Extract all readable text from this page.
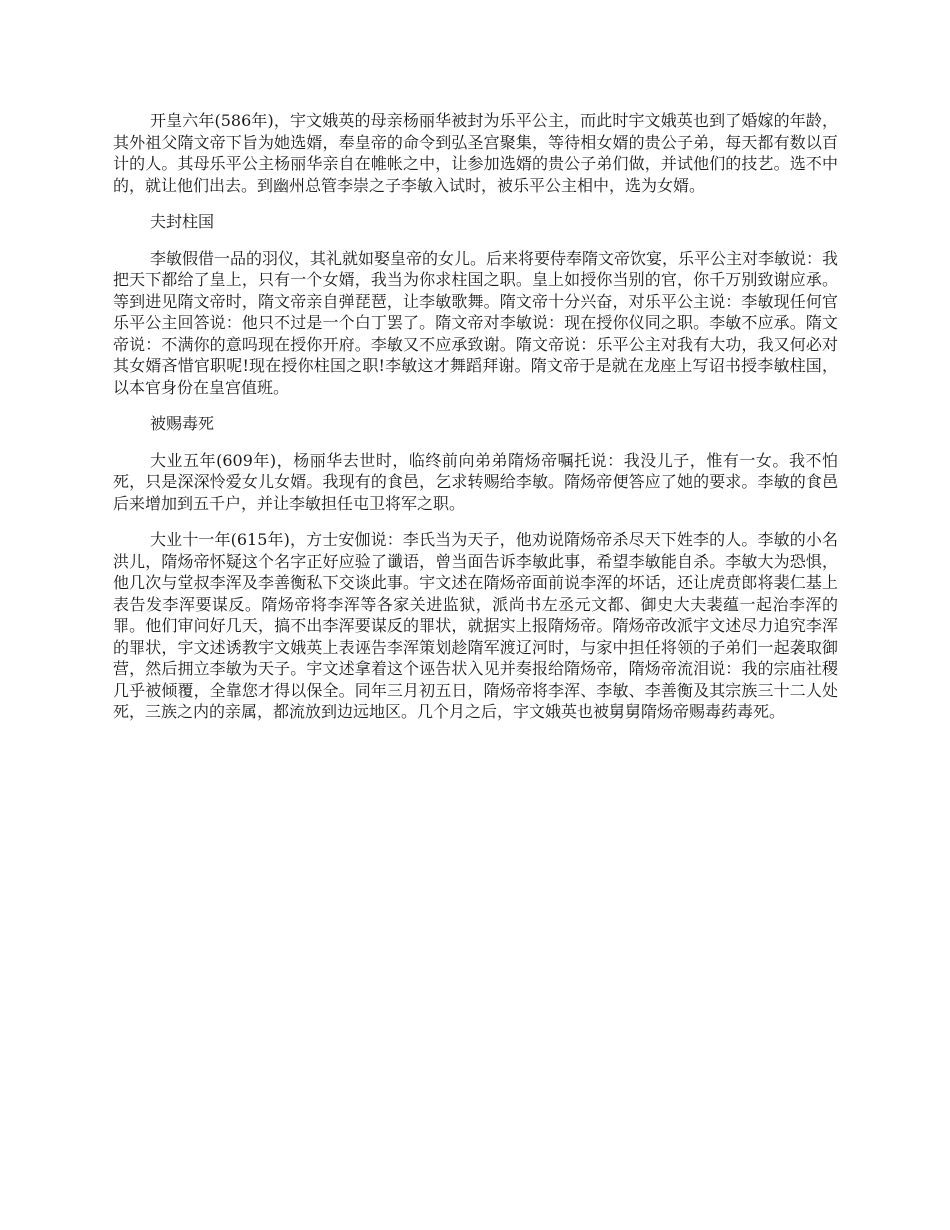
开皇六年(586年)，宇文娥英的母亲杨丽华被封为乐平公主，而此时宇文娥英也到了婚嫁的年龄，其外祖父隋文帝下旨为她选婿，奉皇帝的命令到弘圣宫聚集，等待相女婿的贵公子弟，每天都有数以百计的人。其母乐平公主杨丽华亲自在帷帐之中，让参加选婿的贵公子弟们做，并试他们的技艺。选不中的，就让他们出去。到幽州总管李崇之子李敏入试时，被乐平公主相中，选为女婿。

夫封柱国

李敏假借一品的羽仪，其礼就如娶皇帝的女儿。后来将要侍奉隋文帝饮宴，乐平公主对李敏说：我把天下都给了皇上，只有一个女婿，我当为你求柱国之职。皇上如授你当别的官，你千万别致谢应承。等到进见隋文帝时，隋文帝亲自弹琵琶，让李敏歌舞。隋文帝十分兴奋，对乐平公主说：李敏现任何官乐平公主回答说：他只不过是一个白丁罢了。隋文帝对李敏说：现在授你仪同之职。李敏不应承。隋文帝说：不满你的意吗现在授你开府。李敏又不应承致谢。隋文帝说：乐平公主对我有大功，我又何必对其女婿吝惜官职呢!现在授你柱国之职!李敏这才舞蹈拜谢。隋文帝于是就在龙座上写诏书授李敏柱国，以本官身份在皇宫值班。

被赐毒死

大业五年(609年)，杨丽华去世时，临终前向弟弟隋炀帝嘱托说：我没儿子，惟有一女。我不怕死，只是深深怜爱女儿女婿。我现有的食邑，乞求转赐给李敏。隋炀帝便答应了她的要求。李敏的食邑后来增加到五千户，并让李敏担任屯卫将军之职。

大业十一年(615年)，方士安伽说：李氏当为天子，他劝说隋炀帝杀尽天下姓李的人。李敏的小名洪儿，隋炀帝怀疑这个名字正好应验了谶语，曾当面告诉李敏此事，希望李敏能自杀。李敏大为恐惧，他几次与堂叔李浑及李善衡私下交谈此事。宇文述在隋炀帝面前说李浑的坏话，还让虎贲郎将裴仁基上表告发李浑要谋反。隋炀帝将李浑等各家关进监狱，派尚书左丞元文都、御史大夫裴蕴一起治李浑的罪。他们审问好几天，搞不出李浑要谋反的罪状，就据实上报隋炀帝。隋炀帝改派宇文述尽力追究李浑的罪状，宇文述诱教宇文娥英上表诬告李浑策划趁隋军渡辽河时，与家中担任将领的子弟们一起袭取御营，然后拥立李敏为天子。宇文述拿着这个诬告状入见并奏报给隋炀帝，隋炀帝流泪说：我的宗庙社稷几乎被倾覆，全靠您才得以保全。同年三月初五日，隋炀帝将李浑、李敏、李善衡及其宗族三十二人处死，三族之内的亲属，都流放到边远地区。几个月之后，宇文娥英也被舅舅隋炀帝赐毒药毒死。
